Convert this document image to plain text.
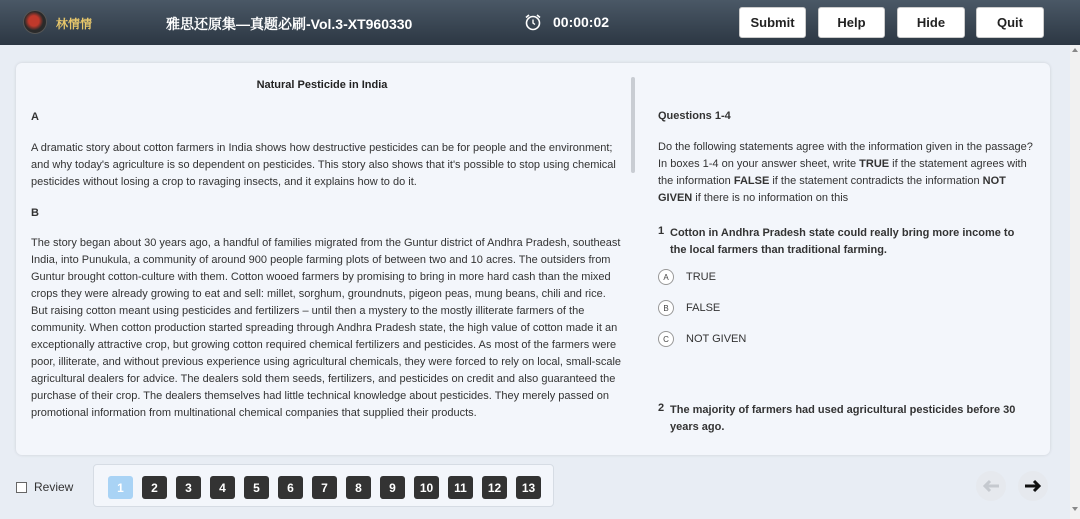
林情情	雅思还原集—真题必刷-Vol.3-XT960330	00:00:02	Submit	Help	Hide	Quit
Natural Pesticide in India
A
A dramatic story about cotton farmers in India shows how destructive pesticides can be for people and the environment; and why today's agriculture is so dependent on pesticides. This story also shows that it's possible to stop using chemical pesticides without losing a crop to ravaging insects, and it explains how to do it.
B
The story began about 30 years ago, a handful of families migrated from the Guntur district of Andhra Pradesh, southeast India, into Punukula, a community of around 900 people farming plots of between two and 10 acres. The outsiders from Guntur brought cotton-culture with them. Cotton wooed farmers by promising to bring in more hard cash than the mixed crops they were already growing to eat and sell: millet, sorghum, groundnuts, pigeon peas, mung beans, chili and rice. But raising cotton meant using pesticides and fertilizers – until then a mystery to the mostly illiterate farmers of the community. When cotton production started spreading through Andhra Pradesh state, the high value of cotton made it an exceptionally attractive crop, but growing cotton required chemical fertilizers and pesticides. As most of the farmers were poor, illiterate, and without previous experience using agricultural chemicals, they were forced to rely on local, small-scale agricultural dealers for advice. The dealers sold them seeds, fertilizers, and pesticides on credit and also guaranteed the purchase of their crop. The dealers themselves had little technical knowledge about pesticides. They merely passed on promotional information from multinational chemical companies that supplied their products.
Questions 1-4
Do the following statements agree with the information given in the passage? In boxes 1-4 on your answer sheet, write TRUE if the statement agrees with the information FALSE if the statement contradicts the information NOT GIVEN if there is no information on this
1 Cotton in Andhra Pradesh state could really bring more income to the local farmers than traditional farming.
A	TRUE
B	FALSE
C	NOT GIVEN
2 The majority of farmers had used agricultural pesticides before 30 years ago.
Review	1	2	3	4	5	6	7	8	9	10	11	12	13
